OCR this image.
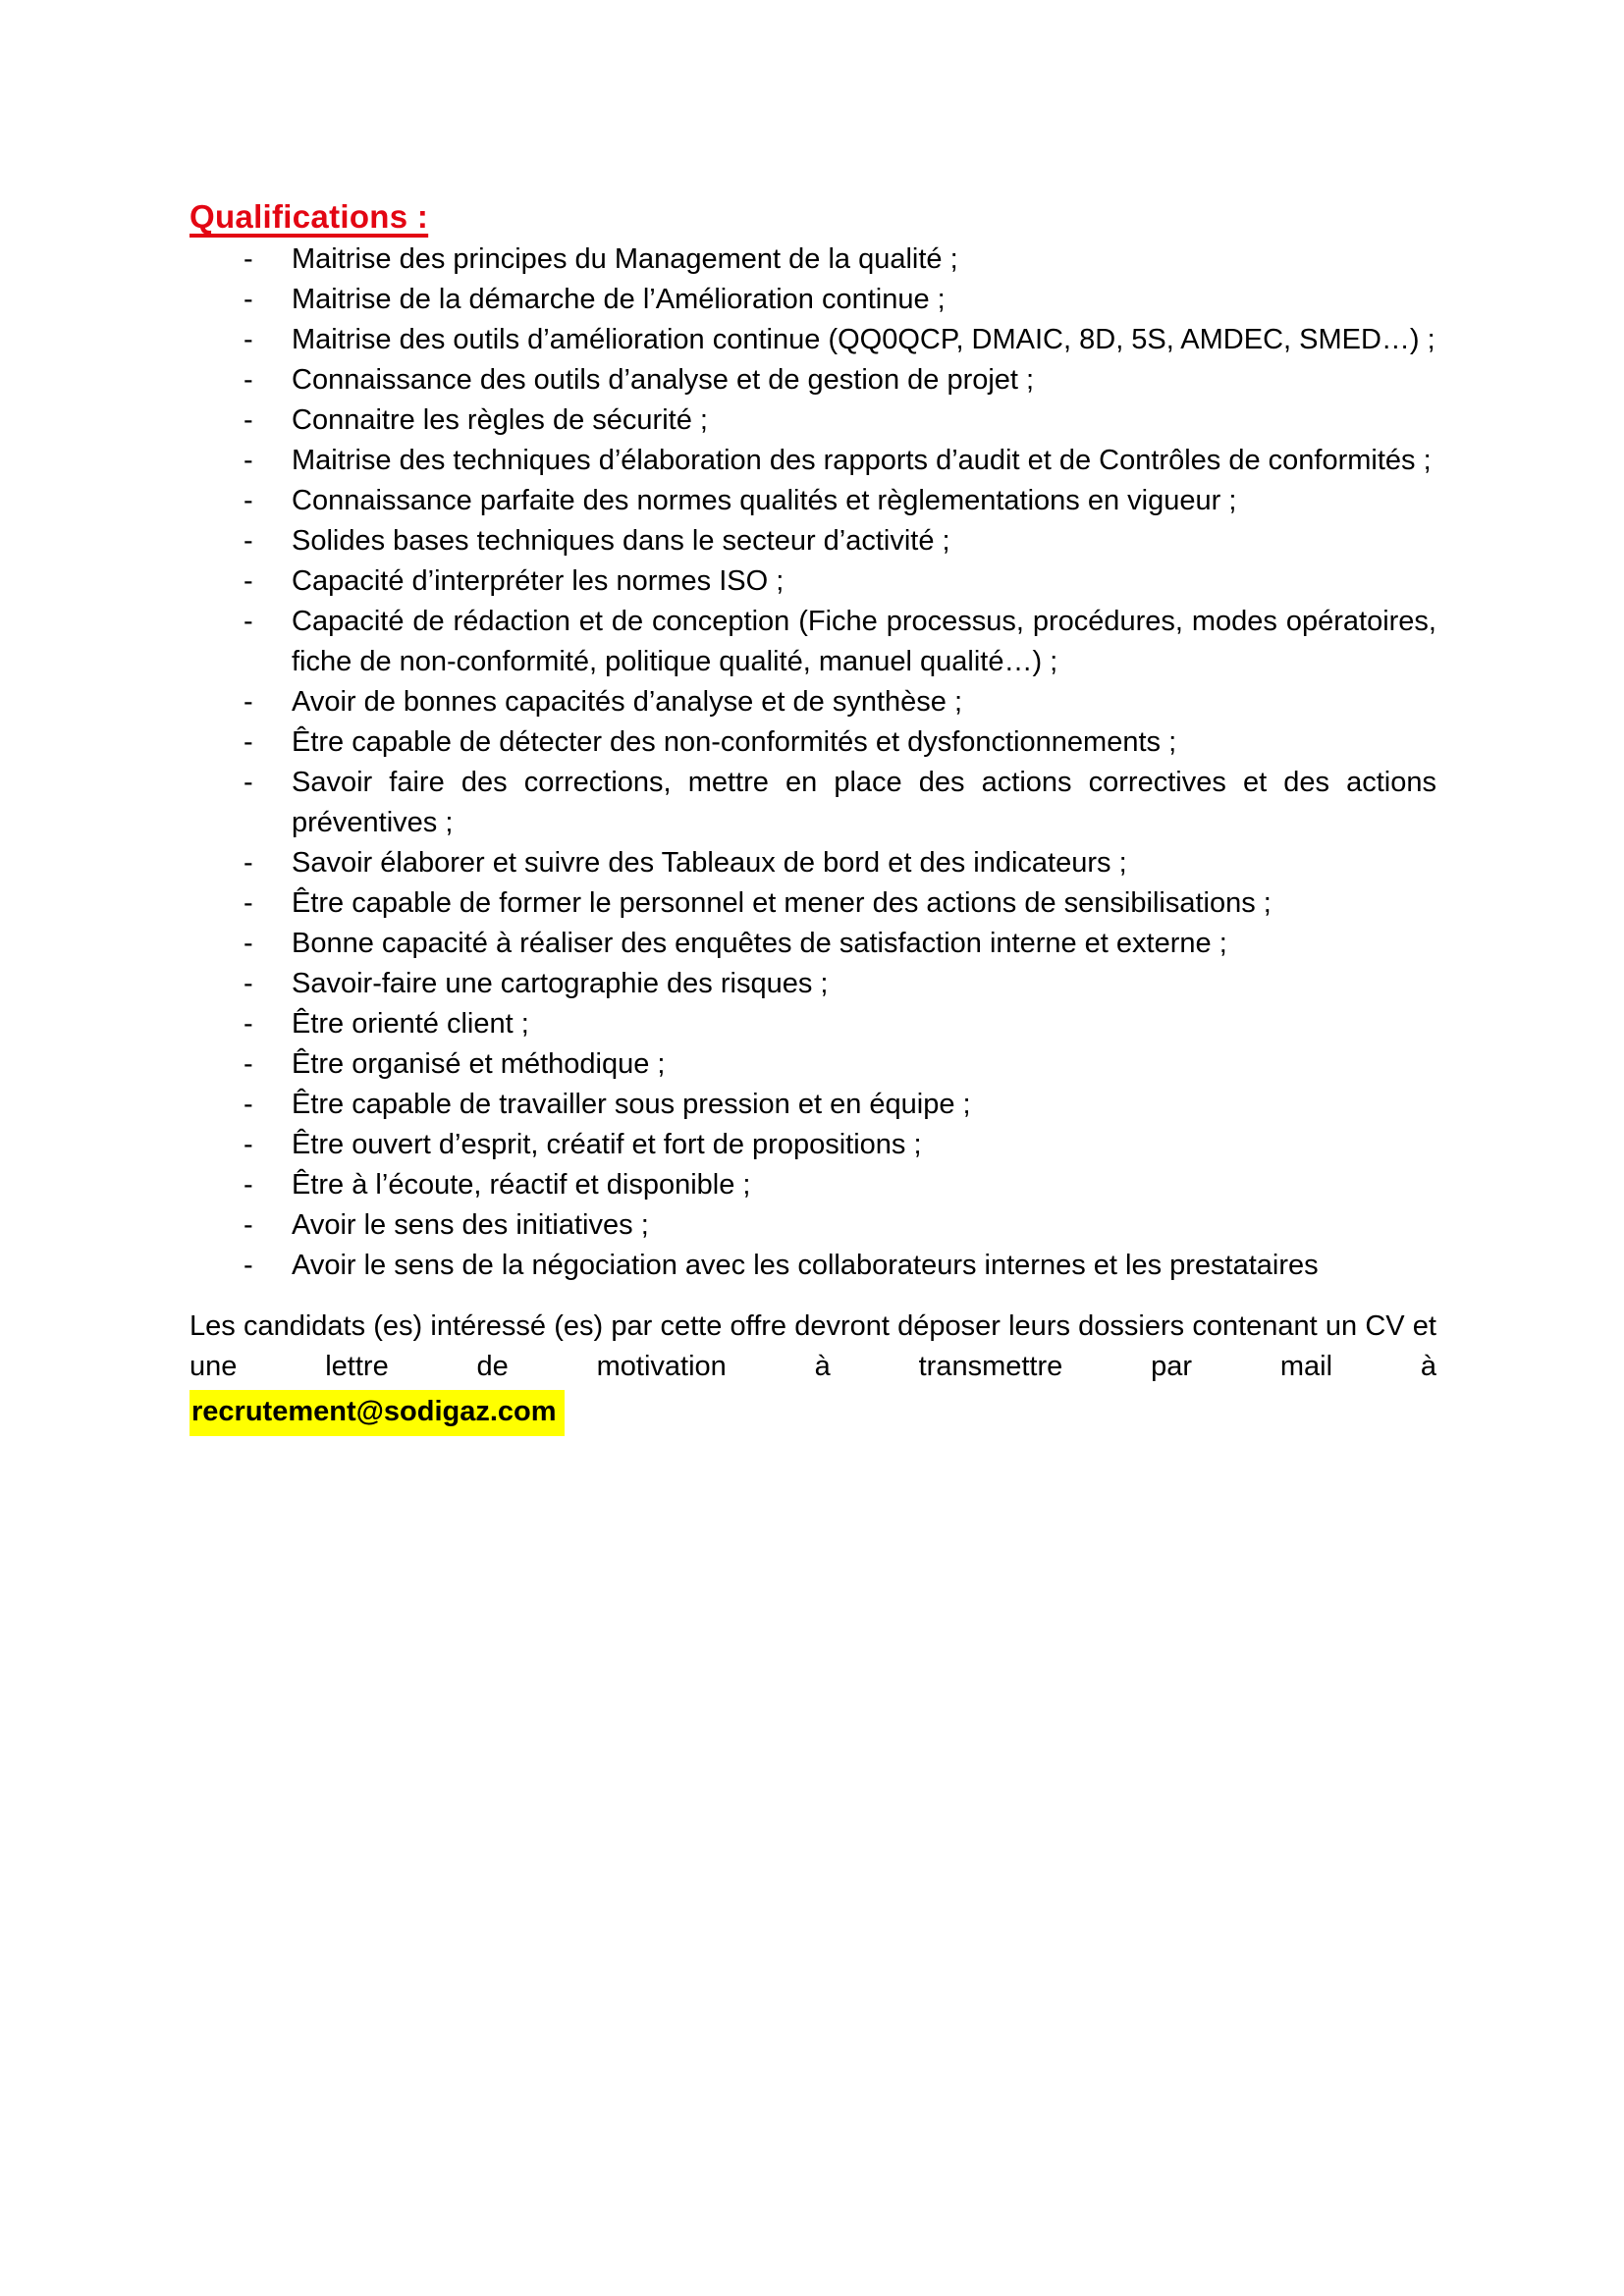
Qualifications :
- Maitrise des principes du Management de la qualité ;
- Maitrise de la démarche de l’Amélioration continue ;
- Maitrise des outils d’amélioration continue (QQ0QCP, DMAIC, 8D, 5S, AMDEC, SMED…) ;
- Connaissance des outils d’analyse et de gestion de projet ;
- Connaitre les règles de sécurité ;
- Maitrise des techniques d’élaboration des rapports d’audit et de Contrôles de conformités ;
- Connaissance parfaite des normes qualités et règlementations en vigueur ;
- Solides bases techniques dans le secteur d’activité ;
- Capacité d’interpréter les normes ISO ;
- Capacité de rédaction et de conception (Fiche processus, procédures, modes opératoires, fiche de non-conformité, politique qualité, manuel qualité…) ;
- Avoir de bonnes capacités d’analyse et de synthèse ;
- Être capable de détecter des non-conformités et dysfonctionnements ;
- Savoir faire des corrections, mettre en place des actions correctives et des actions préventives ;
- Savoir élaborer et suivre des Tableaux de bord et des indicateurs ;
- Être capable de former le personnel et mener des actions de sensibilisations ;
- Bonne capacité à réaliser des enquêtes de satisfaction interne et externe ;
- Savoir-faire une cartographie des risques ;
- Être orienté client ;
- Être organisé et méthodique ;
- Être capable de travailler sous pression et en équipe ;
- Être ouvert d’esprit, créatif et fort de propositions ;
- Être à l’écoute, réactif et disponible ;
- Avoir le sens des initiatives ;
- Avoir le sens de la négociation avec les collaborateurs internes et les prestataires

Les candidats (es) intéressé (es) par cette offre devront déposer leurs dossiers contenant un CV et une lettre de motivation à transmettre par mail à
recrutement@sodigaz.com
